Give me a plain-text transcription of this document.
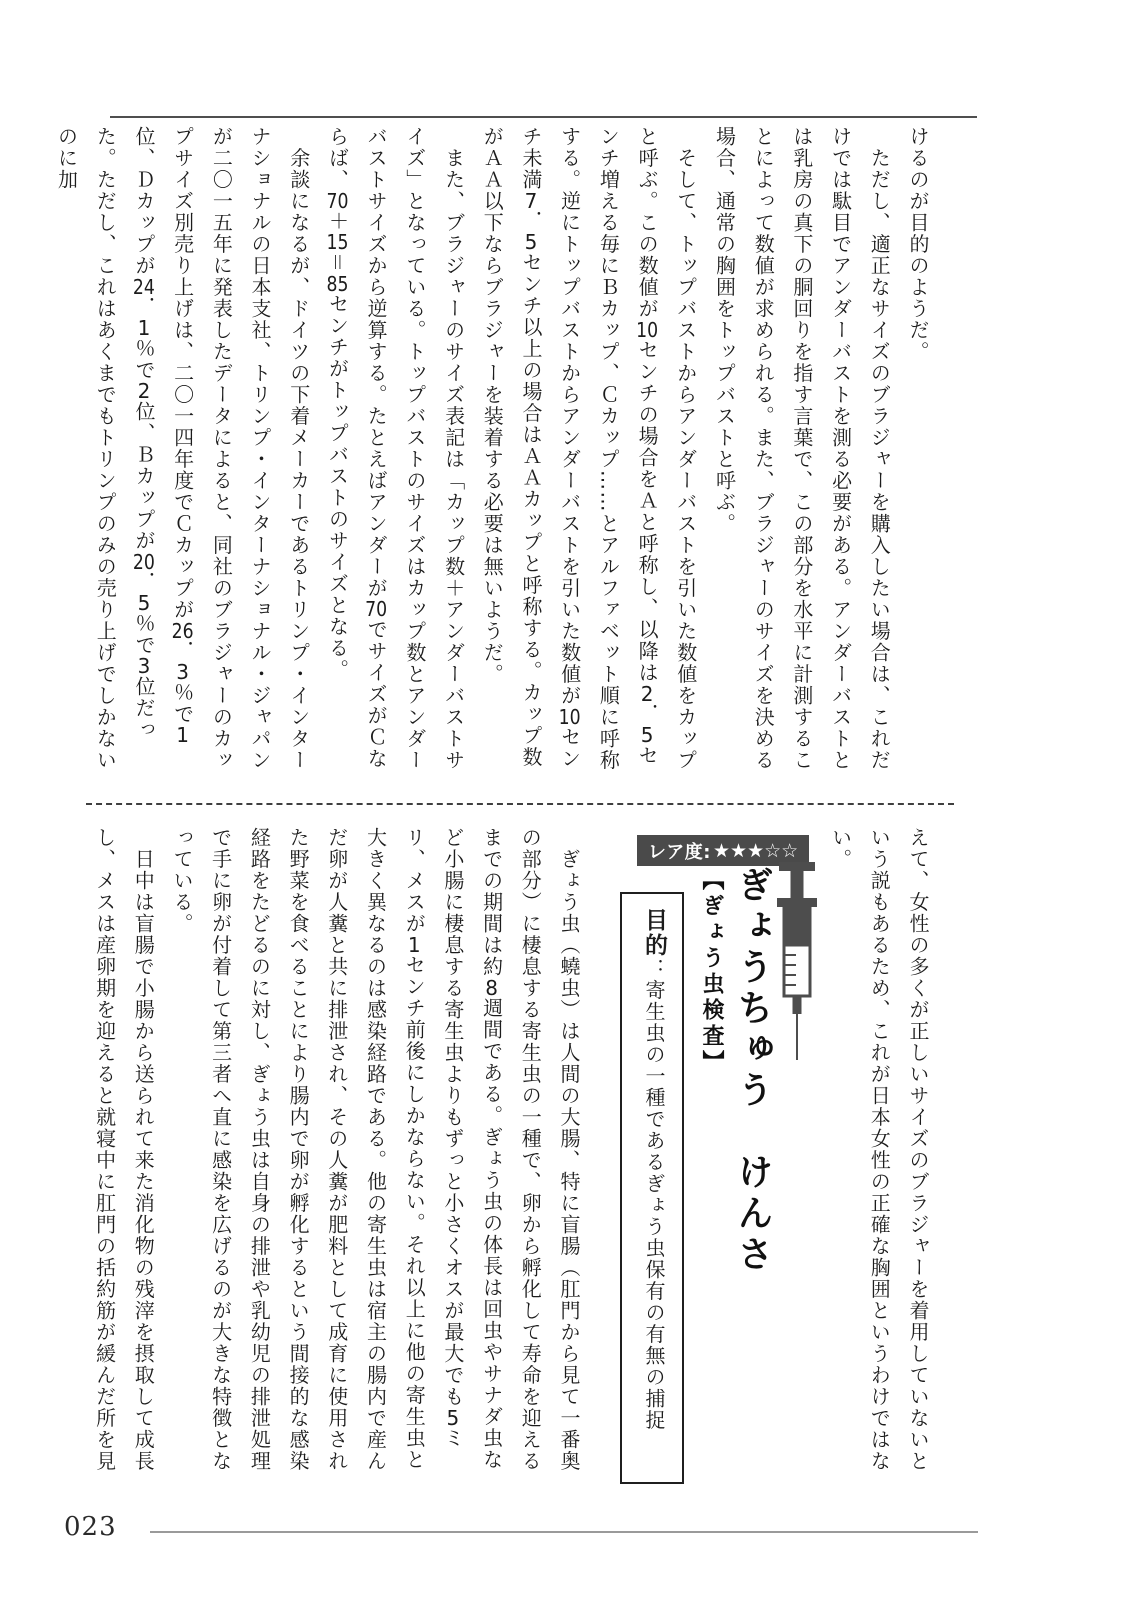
けるのが目的のようだ。

　ただし、適正なサイズのブラジャーを購入したい場合は、これだけでは駄目でアンダーバストを測る必要がある。アンダーバストとは乳房の真下の胴回りを指す言葉で、この部分を水平に計測することによって数値が求められる。また、ブラジャーのサイズを決める場合、通常の胸囲をトップバストと呼ぶ。

　そして、トップバストからアンダーバストを引いた数値をカップと呼ぶ。この数値が10センチの場合をＡと呼称し、以降は2．5センチ増える毎にＢカップ、Ｃカップ……とアルファベット順に呼称する。逆にトップバストからアンダーバストを引いた数値が10センチ未満7．5センチ以上の場合はＡＡカップと呼称する。カップ数がＡＡ以下ならブラジャーを装着する必要は無いようだ。

　また、ブラジャーのサイズ表記は「カップ数＋アンダーバストサイズ」となっている。トップバストのサイズはカップ数とアンダーバストサイズから逆算する。たとえばアンダーが70でサイズがＣならば、70＋15＝85センチがトップバストのサイズとなる。

　余談になるが、ドイツの下着メーカーであるトリンプ・インターナショナルの日本支社、トリンプ・インターナショナル・ジャパンが二〇一五年に発表したデータによると、同社のブラジャーのカップサイズ別売り上げは、二〇一四年度でＣカップが26．3％で1位、Ｄカップが24．1％で2位、Ｂカップが20．5％で3位だった。ただし、これはあくまでもトリンプのみの売り上げでしかないのに加

えて、女性の多くが正しいサイズのブラジャーを着用していないという説もあるため、これが日本女性の正確な胸囲というわけではない。

レア度: ★★★☆☆
ぎょうちゅう　けんさ
【ぎょう虫検査】
目的：寄生虫の一種であるぎょう虫保有の有無の捕捉

　ぎょう虫（蟯虫）は人間の大腸、特に盲腸（肛門から見て一番奥の部分）に棲息する寄生虫の一種で、卵から孵化して寿命を迎えるまでの期間は約8週間である。ぎょう虫の体長は回虫やサナダ虫など小腸に棲息する寄生虫よりもずっと小さくオスが最大でも5ミリ、メスが1センチ前後にしかならない。それ以上に他の寄生虫と大きく異なるのは感染経路である。他の寄生虫は宿主の腸内で産んだ卵が人糞と共に排泄され、その人糞が肥料として成育に使用された野菜を食べることにより腸内で卵が孵化するという間接的な感染経路をたどるのに対し、ぎょう虫は自身の排泄や乳幼児の排泄処理で手に卵が付着して第三者へ直に感染を広げるのが大きな特徴となっている。

　日中は盲腸で小腸から送られて来た消化物の残滓を摂取して成長し、メスは産卵期を迎えると就寝中に肛門の括約筋が緩んだ所を見

023
